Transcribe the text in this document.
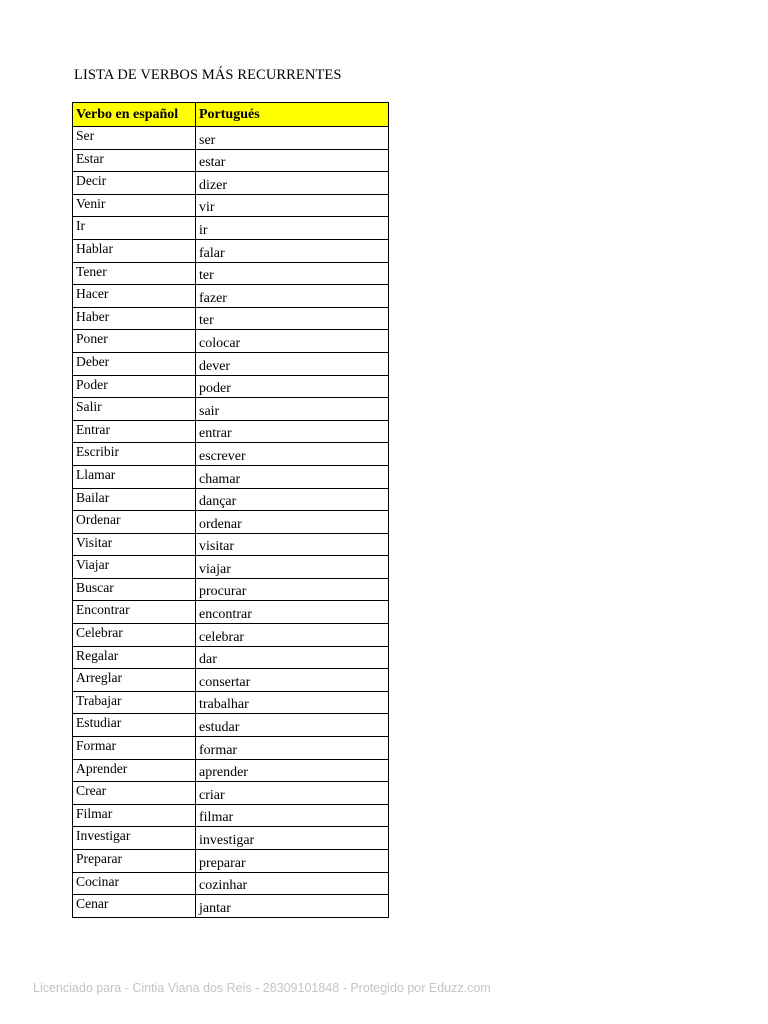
LISTA DE VERBOS MÁS RECURRENTES
Verbo en español	Portugués
Ser	ser
Estar	estar
Decir	dizer
Venir	vir
Ir	ir
Hablar	falar
Tener	ter
Hacer	fazer
Haber	ter
Poner	colocar
Deber	dever
Poder	poder
Salir	sair
Entrar	entrar
Escribir	escrever
Llamar	chamar
Bailar	dançar
Ordenar	ordenar
Visitar	visitar
Viajar	viajar
Buscar	procurar
Encontrar	encontrar
Celebrar	celebrar
Regalar	dar
Arreglar	consertar
Trabajar	trabalhar
Estudiar	estudar
Formar	formar
Aprender	aprender
Crear	criar
Filmar	filmar
Investigar	investigar
Preparar	preparar
Cocinar	cozinhar
Cenar	jantar
Licenciado para - Cintia Viana dos Reis - 28309101848 - Protegido por Eduzz.com
